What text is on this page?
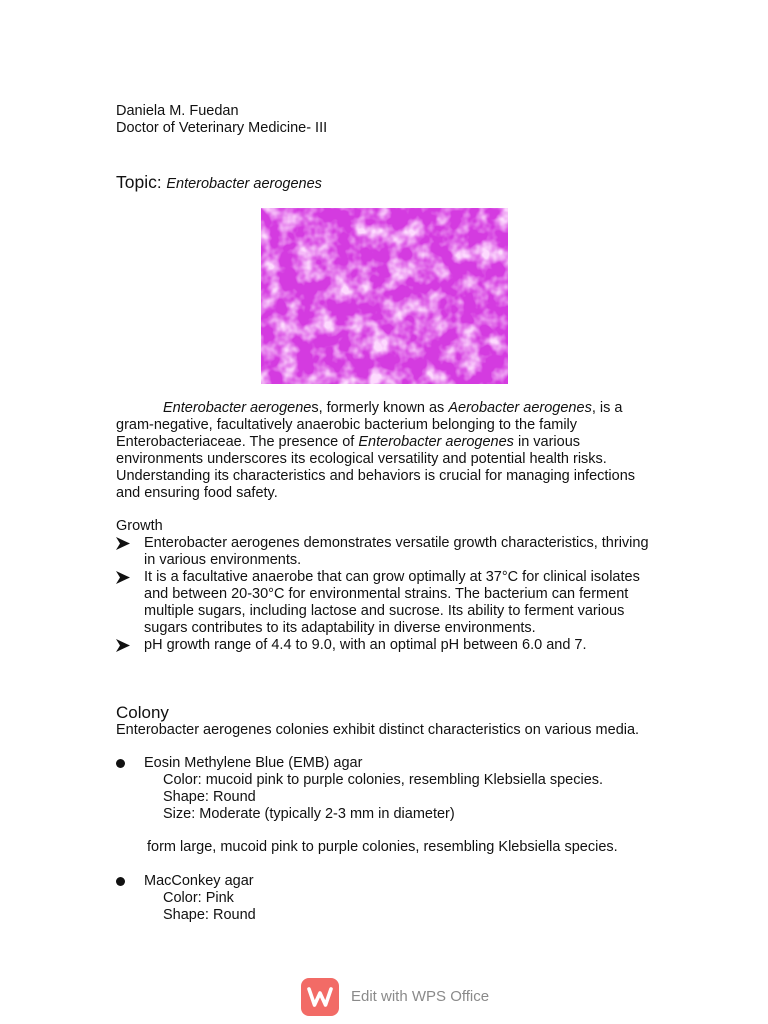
Daniela M. Fuedan
Doctor of Veterinary Medicine- III
Topic: Enterobacter aerogenes
Enterobacter aerogenes, formerly known as Aerobacter aerogenes, is a gram-negative, facultatively anaerobic bacterium belonging to the family Enterobacteriaceae. The presence of Enterobacter aerogenes in various environments underscores its ecological versatility and potential health risks. Understanding its characteristics and behaviors is crucial for managing infections and ensuring food safety.
Growth
Enterobacter aerogenes demonstrates versatile growth characteristics, thriving in various environments.
It is a facultative anaerobe that can grow optimally at 37°C for clinical isolates and between 20-30°C for environmental strains. The bacterium can ferment multiple sugars, including lactose and sucrose. Its ability to ferment various sugars contributes to its adaptability in diverse environments.
pH growth range of 4.4 to 9.0, with an optimal pH between 6.0 and 7.
Colony
Enterobacter aerogenes colonies exhibit distinct characteristics on various media.
Eosin Methylene Blue (EMB) agar
Color: mucoid pink to purple colonies, resembling Klebsiella species.
Shape: Round
Size: Moderate (typically 2-3 mm in diameter)
form large, mucoid pink to purple colonies, resembling Klebsiella species.
MacConkey agar
Color: Pink
Shape: Round
Edit with WPS Office
